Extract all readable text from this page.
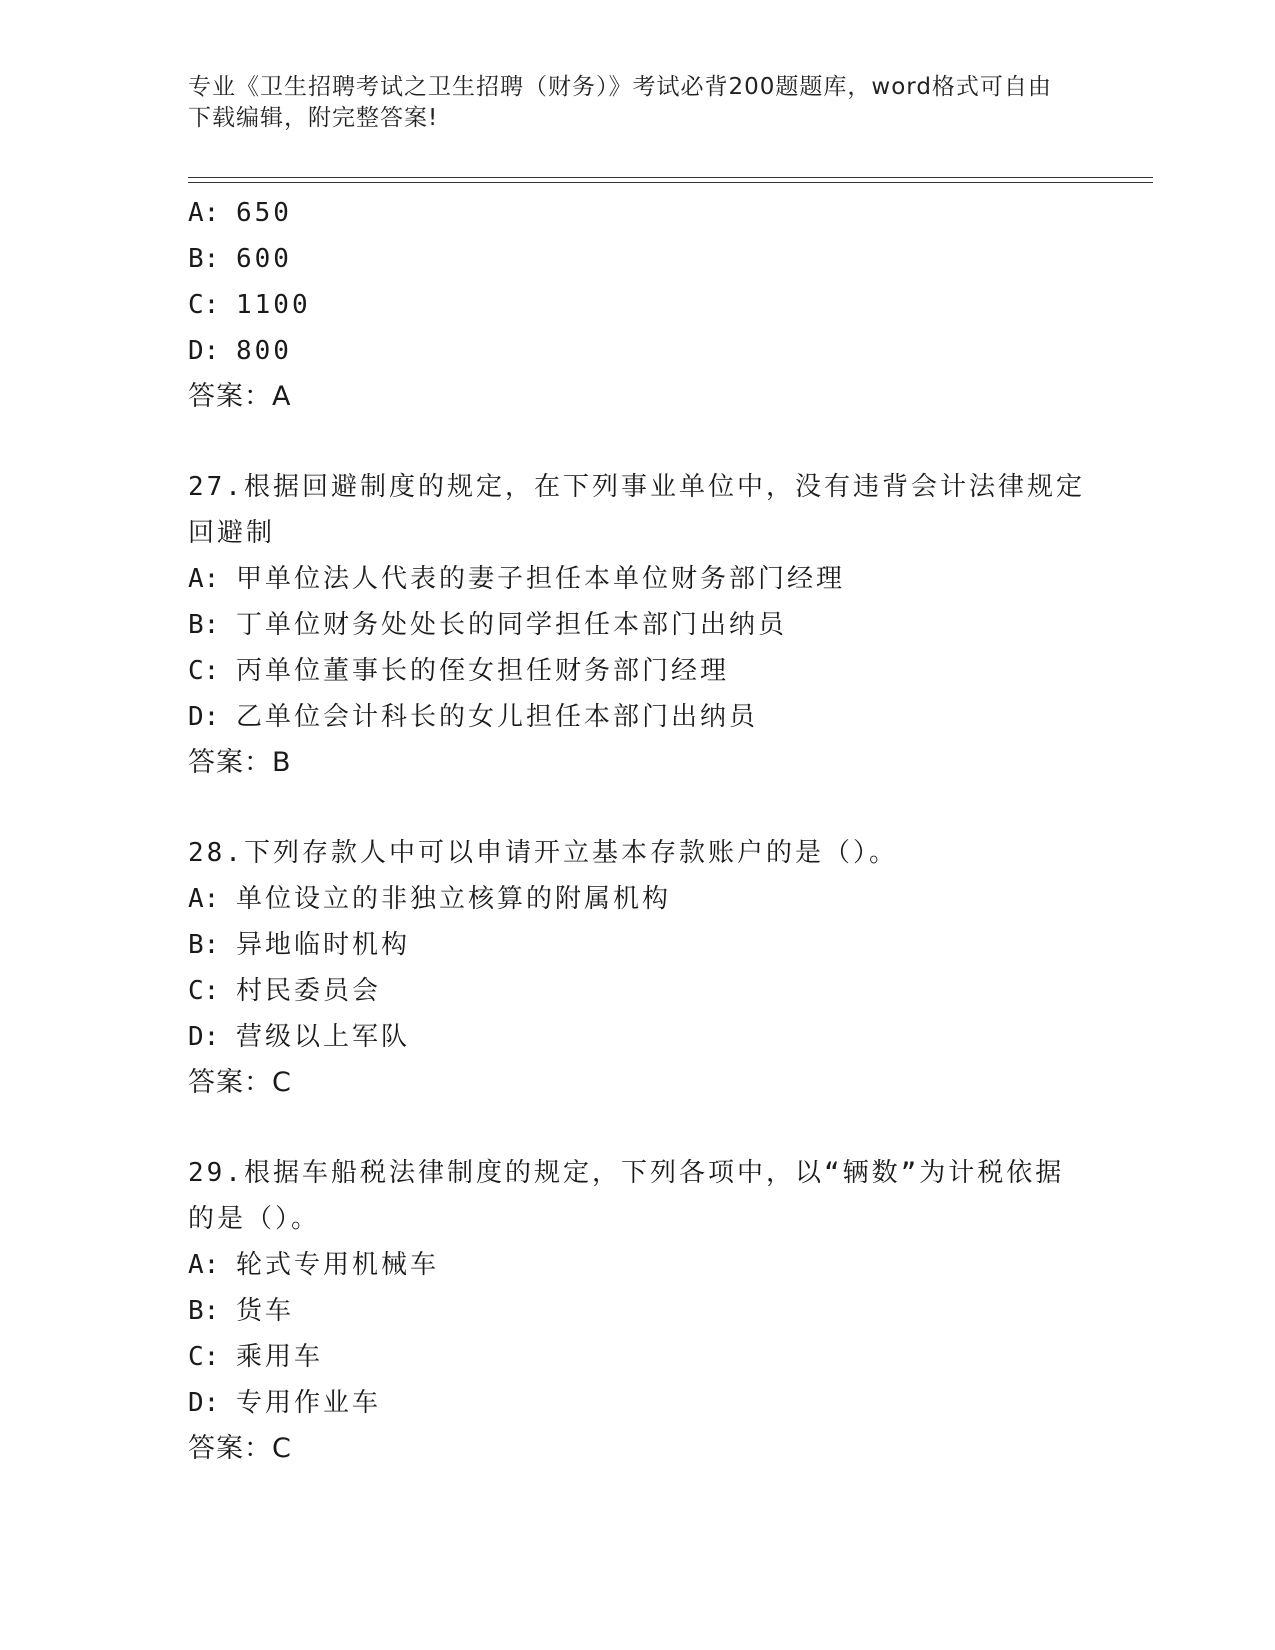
专业《卫生招聘考试之卫生招聘（财务）》考试必背200题题库，word格式可自由下载编辑，附完整答案!
A: 650
B: 600
C: 1100
D: 800
答案：A
27.根据回避制度的规定，在下列事业单位中，没有违背会计法律规定
回避制
A: 甲单位法人代表的妻子担任本单位财务部门经理
B: 丁单位财务处处长的同学担任本部门出纳员
C: 丙单位董事长的侄女担任财务部门经理
D: 乙单位会计科长的女儿担任本部门出纳员
答案：B
28.下列存款人中可以申请开立基本存款账户的是（）。
A: 单位设立的非独立核算的附属机构
B: 异地临时机构
C: 村民委员会
D: 营级以上军队
答案：C
29.根据车船税法律制度的规定，下列各项中，以“辆数”为计税依据
的是（）。
A: 轮式专用机械车
B: 货车
C: 乘用车
D: 专用作业车
答案：C
